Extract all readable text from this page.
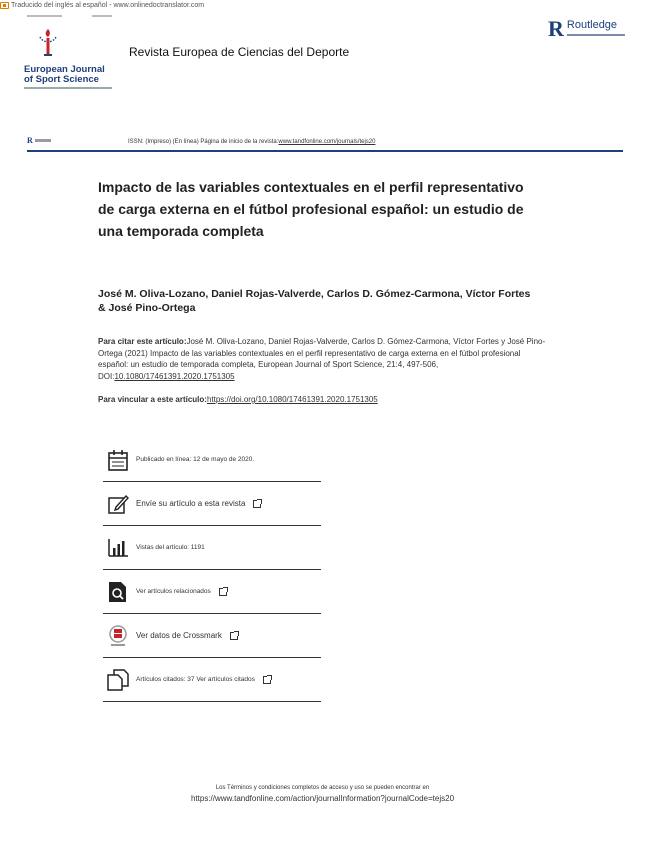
Traducido del inglés al español - www.onlinedoctranslator.com
European Journal
of Sport Science
Revista Europea de Ciencias del Deporte
R Routledge
R	ISSN: (Impreso) (En línea) Página de inicio de la revista:www.tandfonline.com/journals/tejs20
Impacto de las variables contextuales en el perfil representativo de carga externa en el fútbol profesional español: un estudio de una temporada completa
José M. Oliva-Lozano, Daniel Rojas-Valverde, Carlos D. Gómez-Carmona, Víctor Fortes & José Pino-Ortega
Para citar este artículo:José M. Oliva-Lozano, Daniel Rojas-Valverde, Carlos D. Gómez-Carmona, Víctor Fortes y José Pino-Ortega (2021) Impacto de las variables contextuales en el perfil representativo de carga externa en el fútbol profesional español: un estudio de temporada completa, European Journal of Sport Science, 21:4, 497-506, DOI:10.1080/17461391.2020.1751305
Para vincular a este artículo:https://doi.org/10.1080/17461391.2020.1751305
Publicado en línea: 12 de mayo de 2020.
Envíe su artículo a esta revista
Vistas del artículo: 1191
Ver artículos relacionados
Ver datos de Crossmark
Artículos citados: 37 Ver artículos citados
Los Términos y condiciones completos de acceso y uso se pueden encontrar en
https://www.tandfonline.com/action/journalInformation?journalCode=tejs20
